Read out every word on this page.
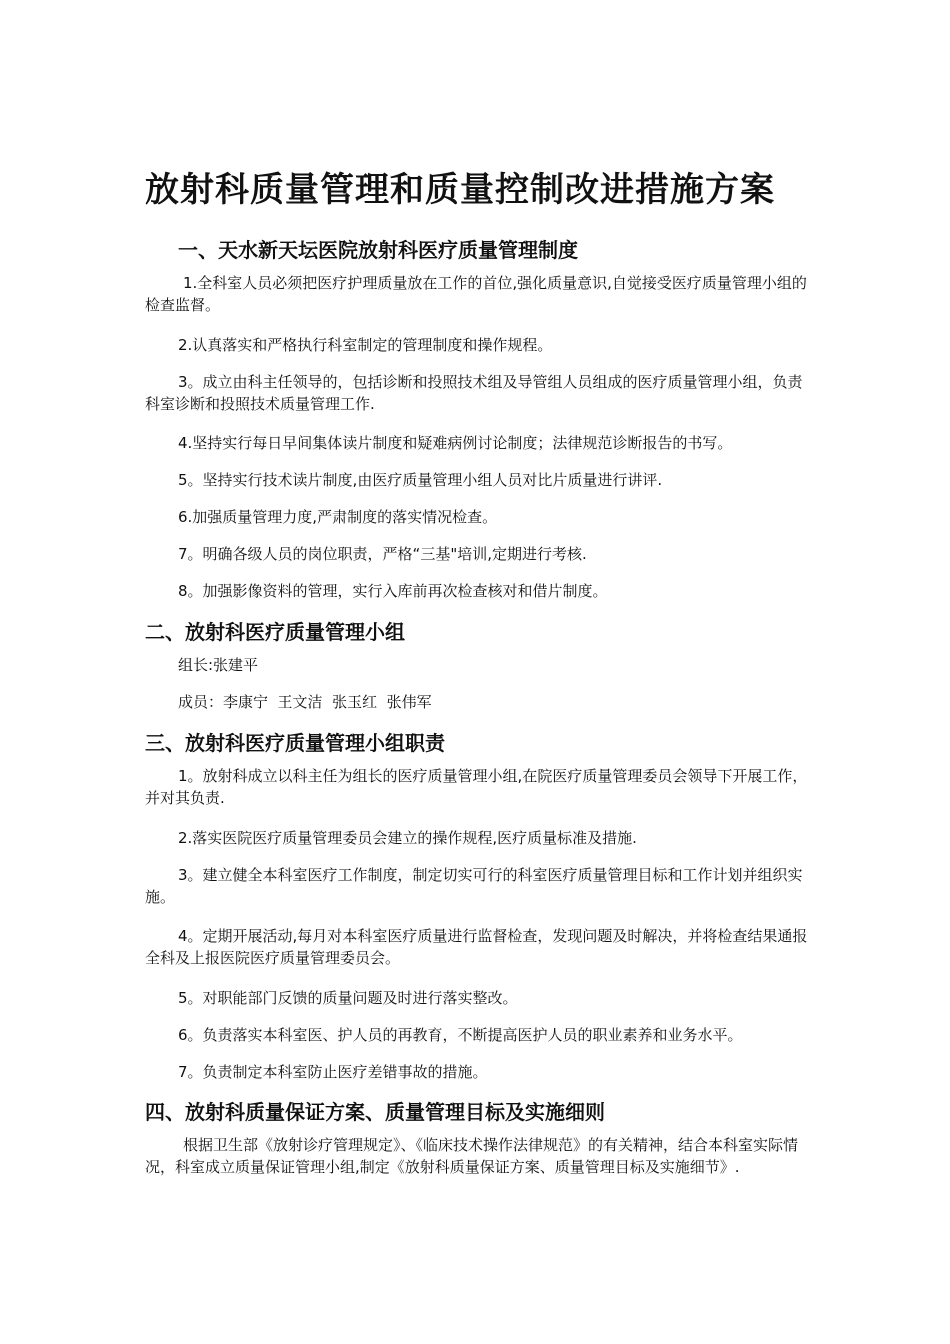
放射科质量管理和质量控制改进措施方案
一、天水新天坛医院放射科医疗质量管理制度

1.全科室人员必须把医疗护理质量放在工作的首位,强化质量意识,自觉接受医疗质量管理小组的检查监督。

2.认真落实和严格执行科室制定的管理制度和操作规程。

3。成立由科主任领导的，包括诊断和投照技术组及导管组人员组成的医疗质量管理小组，负责科室诊断和投照技术质量管理工作.

4.坚持实行每日早间集体读片制度和疑难病例讨论制度；法律规范诊断报告的书写。

5。坚持实行技术读片制度,由医疗质量管理小组人员对比片质量进行讲评.

6.加强质量管理力度,严肃制度的落实情况检查。

7。明确各级人员的岗位职责，严格“三基"培训,定期进行考核.

8。加强影像资料的管理，实行入库前再次检查核对和借片制度。

二、放射科医疗质量管理小组

组长:张建平

成员：李康宁  王文洁  张玉红  张伟军

三、放射科医疗质量管理小组职责

1。放射科成立以科主任为组长的医疗质量管理小组,在院医疗质量管理委员会领导下开展工作，并对其负责.

2.落实医院医疗质量管理委员会建立的操作规程,医疗质量标准及措施.

3。建立健全本科室医疗工作制度，制定切实可行的科室医疗质量管理目标和工作计划并组织实施。

4。定期开展活动,每月对本科室医疗质量进行监督检查，发现问题及时解决，并将检查结果通报全科及上报医院医疗质量管理委员会。

5。对职能部门反馈的质量问题及时进行落实整改。

6。负责落实本科室医、护人员的再教育，不断提高医护人员的职业素养和业务水平。

7。负责制定本科室防止医疗差错事故的措施。

四、放射科质量保证方案、质量管理目标及实施细则

根据卫生部《放射诊疗管理规定》、《临床技术操作法律规范》的有关精神，结合本科室实际情况，科室成立质量保证管理小组,制定《放射科质量保证方案、质量管理目标及实施细节》.
